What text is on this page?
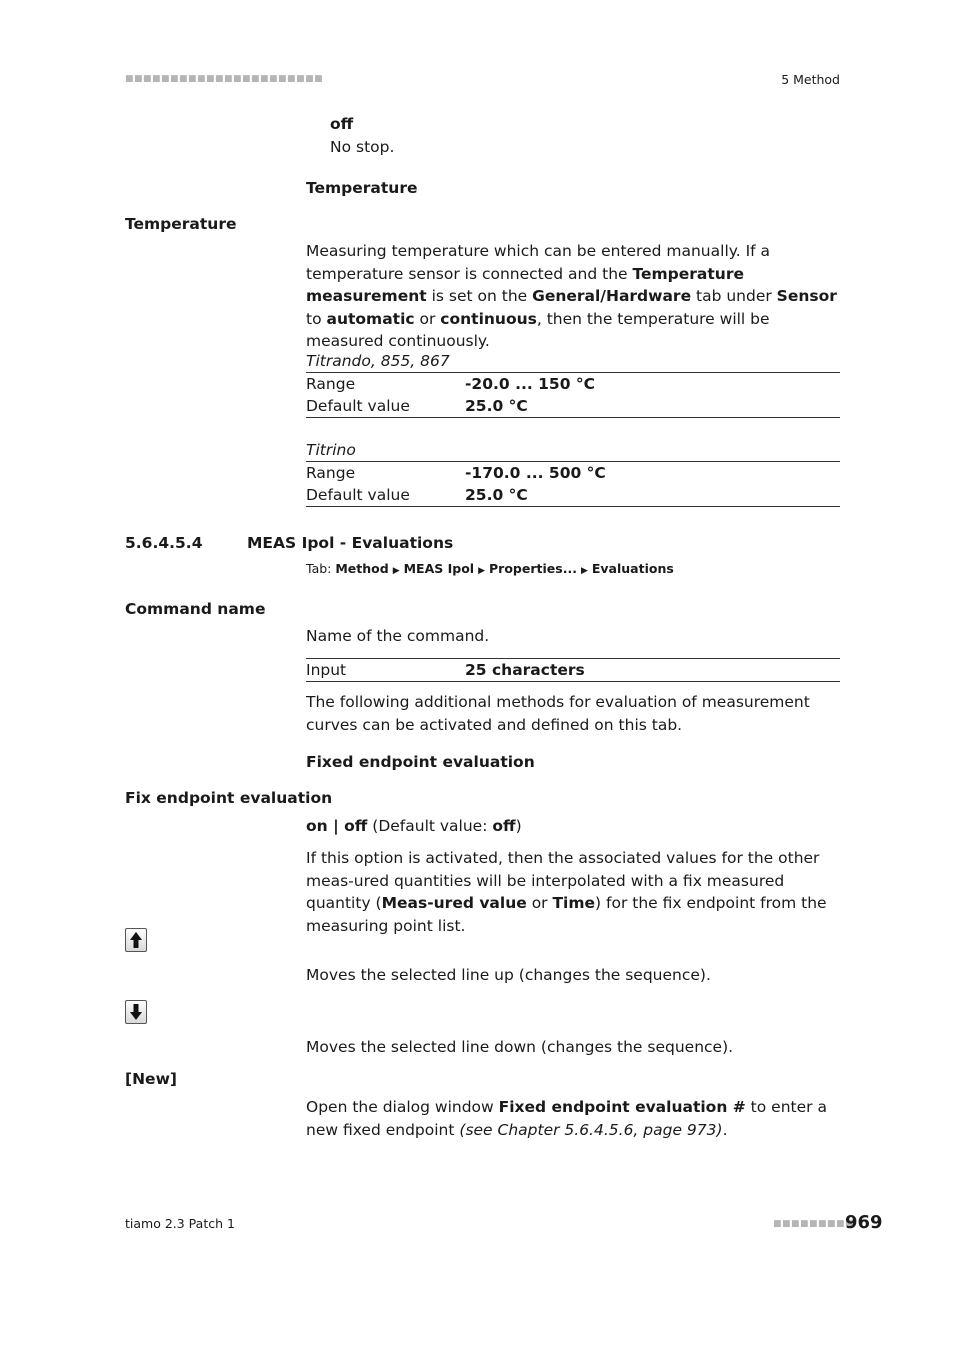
■■■■■■■■■■■■■■■■■■■■■■	5 Method
off
No stop.
Temperature
Temperature
Measuring temperature which can be entered manually. If a temperature sensor is connected and the Temperature measurement is set on the General/Hardware tab under Sensor to automatic or continuous, then the temperature will be measured continuously.
Titrando, 855, 867
Range	-20.0 ... 150 °C
Default value	25.0 °C
Titrino
Range	-170.0 ... 500 °C
Default value	25.0 °C
5.6.4.5.4	MEAS Ipol - Evaluations
Tab: Method ▶ MEAS Ipol ▶ Properties... ▶ Evaluations
Command name
Name of the command.
Input	25 characters
The following additional methods for evaluation of measurement curves can be activated and defined on this tab.
Fixed endpoint evaluation
Fix endpoint evaluation
on | off (Default value: off)
If this option is activated, then the associated values for the other meas-ured quantities will be interpolated with a fix measured quantity (Meas-ured value or Time) for the fix endpoint from the measuring point list.
Moves the selected line up (changes the sequence).
Moves the selected line down (changes the sequence).
[New]
Open the dialog window Fixed endpoint evaluation # to enter a new fixed endpoint (see Chapter 5.6.4.5.6, page 973).
tiamo 2.3 Patch 1	■■■■■■■■■
969
